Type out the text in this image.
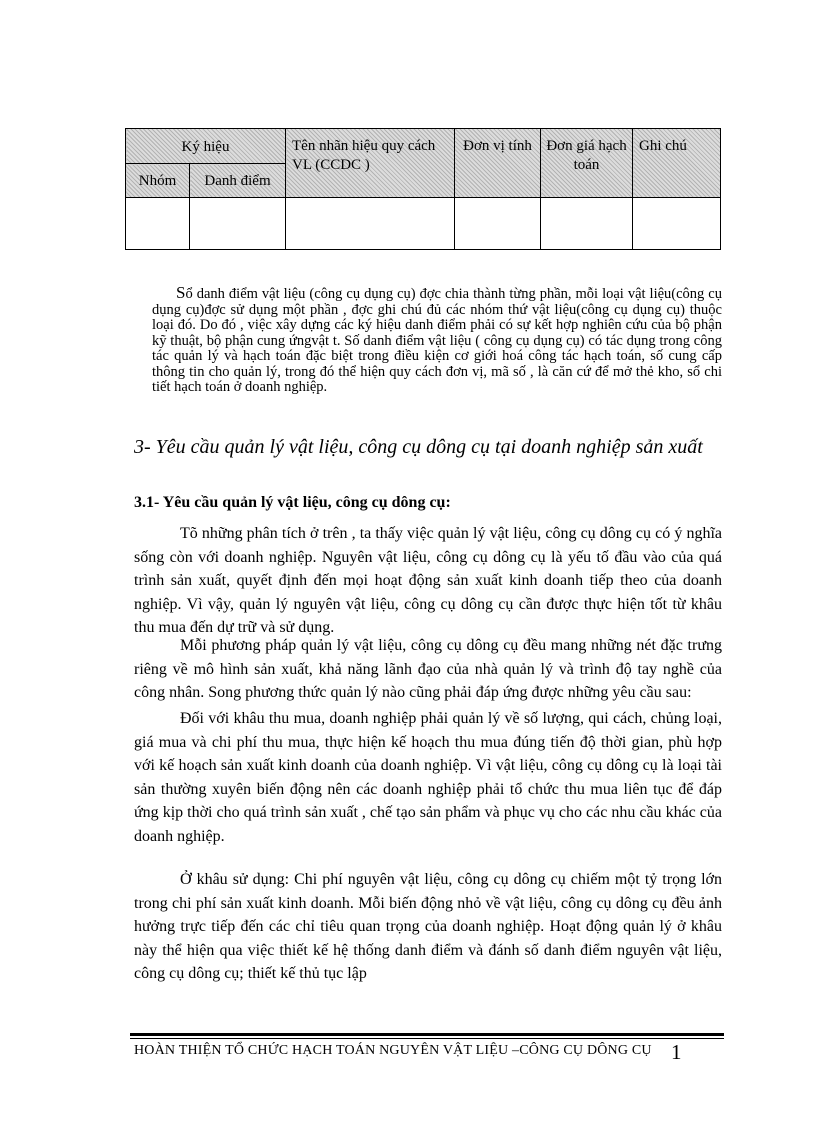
Ký hiệu		Tên nhãn hiệu quy cách VL (CCDC )	Đơn vị tính	Đơn giá hạch toán	Ghi chú
Nhóm	Danh điểm				

Sổ danh điểm vật liệu (công cụ dụng cụ) đợc chia thành từng phần, mỗi loại vật liệu(công cụ dụng cụ)đợc sử dụng một phần , đợc ghi chú đủ các nhóm thứ vật liệu(công cụ dụng cụ) thuộc loại đó. Do đó , việc xây dựng các ký hiệu danh điểm phải có sự kết hợp nghiên cứu của bộ phận kỹ thuật, bộ phận cung ứngvật t. Số danh điểm vật liệu ( công cụ dụng cụ) có tác dụng trong công tác quản lý và hạch toán đặc biệt trong điều kiện cơ giới hoá công tác hạch toán, số cung cấp thông tin cho quản lý, trong đó thể hiện quy cách đơn vị, mã số , là căn cứ để mở thẻ kho, sổ chi tiết hạch toán ở doanh nghiệp.

3- Yêu cầu quản lý vật liệu, công cụ dông cụ tại doanh nghiệp sản xuất

3.1- Yêu cầu quản lý vật liệu, công cụ dông cụ:

Tõ những phân tích ở trên , ta thấy việc quản lý vật liệu, công cụ dông cụ có ý nghĩa sống còn với doanh nghiệp. Nguyên vật liệu, công cụ dông cụ là yếu tố đầu vào của quá trình sản xuất, quyết định đến mọi hoạt động sản xuất kinh doanh tiếp theo của doanh nghiệp. Vì vậy, quản lý nguyên vật liệu, công cụ dông cụ cần được thực hiện tốt từ khâu thu mua đến dự trữ và sử dụng.

Mỗi phương pháp quản lý vật liệu, công cụ dông cụ đều mang những nét đặc trưng riêng về mô hình sản xuất, khả năng lãnh đạo của nhà quản lý và trình độ tay nghề của công nhân. Song phương thức quản lý nào cũng phải đáp ứng được những yêu cầu sau:

Đối với khâu thu mua, doanh nghiệp phải quản lý về số lượng, qui cách, chủng loại, giá mua và chi phí thu mua, thực hiện kế hoạch thu mua đúng tiến độ thời gian, phù hợp với kế hoạch sản xuất kinh doanh của doanh nghiệp. Vì vật liệu, công cụ dông cụ là loại tài sản thường xuyên biến động nên các doanh nghiệp phải tổ chức thu mua liên tục để đáp ứng kịp thời cho quá trình sản xuất , chế tạo sản phẩm và phục vụ cho các nhu cầu khác của doanh nghiệp.

Ở khâu sử dụng: Chi phí nguyên vật liệu, công cụ dông cụ chiếm một tỷ trọng lớn trong chi phí sản xuất kinh doanh. Mỗi biến động nhỏ về vật liệu, công cụ dông cụ đều ảnh hưởng trực tiếp đến các chỉ tiêu quan trọng của doanh nghiệp. Hoạt động quản lý ở khâu này thể hiện qua việc thiết kế hệ thống danh điểm và đánh số danh điểm nguyên vật liệu, công cụ dông cụ; thiết kế thủ tục lập

HOÀN THIỆN TỔ CHỨC HẠCH TOÁN NGUYÊN VẬT LIỆU –CÔNG CỤ DÔNG CỤ 1
